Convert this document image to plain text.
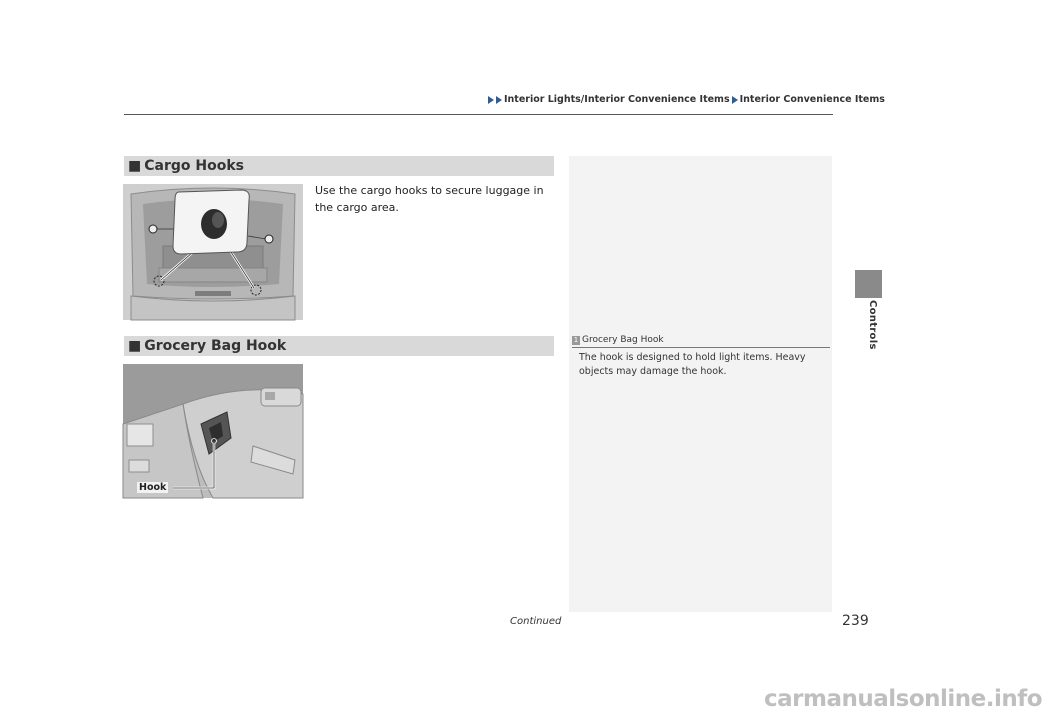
Interior Lights/Interior Convenience Items Interior Convenience Items
Controls
■ Cargo Hooks
Use the cargo hooks to secure luggage in the cargo area.
■ Grocery Bag Hook
Hook
1 Grocery Bag Hook
The hook is designed to hold light items. Heavy objects may damage the hook.
Continued	239
carmanualsonline.info
